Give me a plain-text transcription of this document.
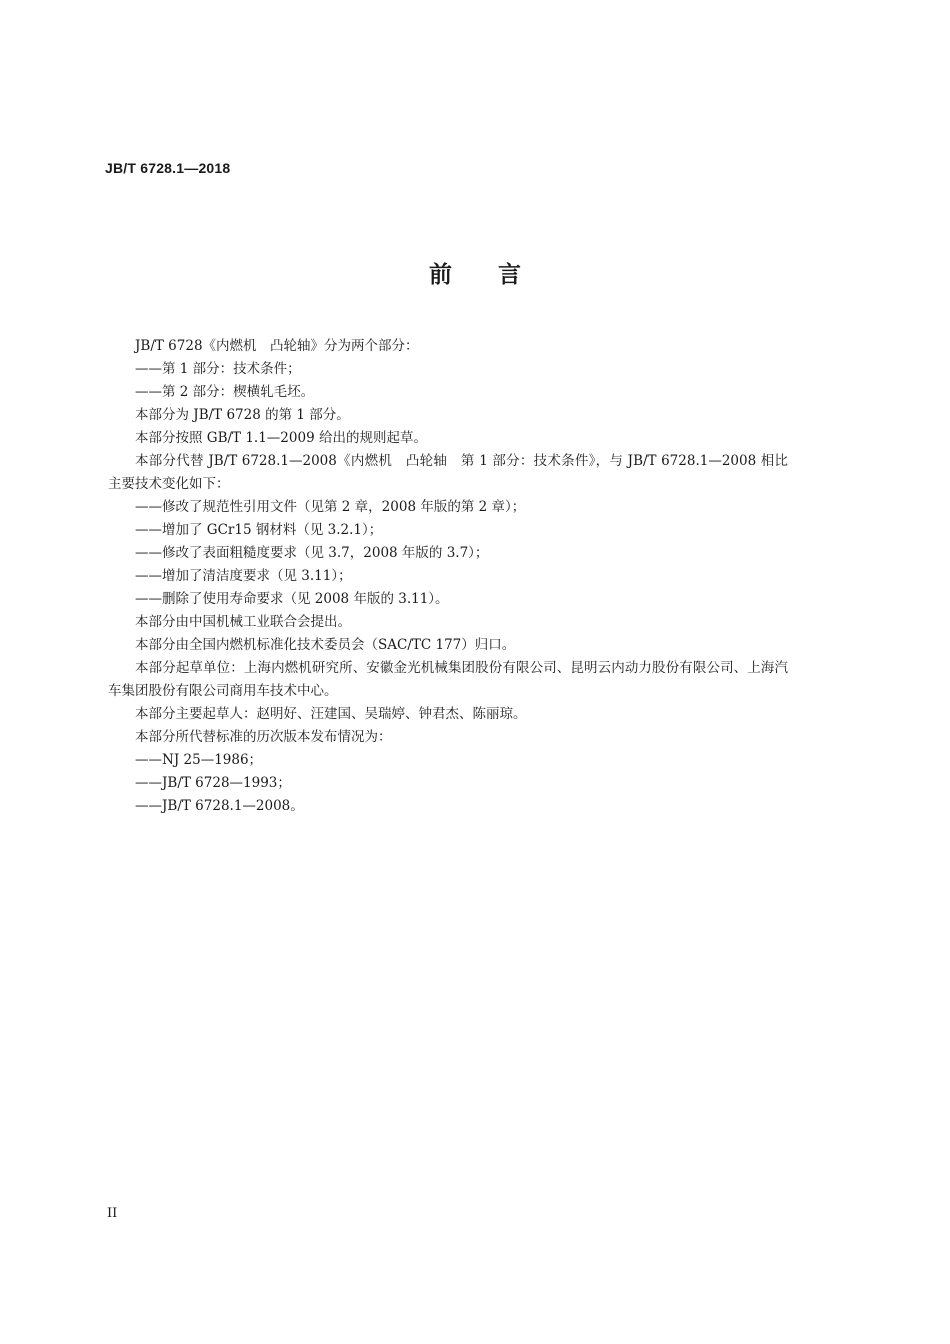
JB/T 6728.1—2018
前言

JB/T 6728《内燃机　凸轮轴》分为两个部分：

——第 1 部分：技术条件；

——第 2 部分：楔横轧毛坯。

本部分为 JB/T 6728 的第 1 部分。

本部分按照 GB/T 1.1—2009 给出的规则起草。

本部分代替 JB/T 6728.1—2008《内燃机　凸轮轴　第 1 部分：技术条件》，与 JB/T 6728.1—2008 相比主要技术变化如下：

——修改了规范性引用文件（见第 2 章，2008 年版的第 2 章）；

——增加了 GCr15 钢材料（见 3.2.1）；

——修改了表面粗糙度要求（见 3.7，2008 年版的 3.7）；

——增加了清洁度要求（见 3.11）；

——删除了使用寿命要求（见 2008 年版的 3.11）。

本部分由中国机械工业联合会提出。

本部分由全国内燃机标准化技术委员会（SAC/TC 177）归口。

本部分起草单位：上海内燃机研究所、安徽金光机械集团股份有限公司、昆明云内动力股份有限公司、上海汽车集团股份有限公司商用车技术中心。

本部分主要起草人：赵明好、汪建国、吴瑞婷、钟君杰、陈丽琼。

本部分所代替标准的历次版本发布情况为：

——NJ 25—1986；

——JB/T 6728—1993；

——JB/T 6728.1—2008。

II
